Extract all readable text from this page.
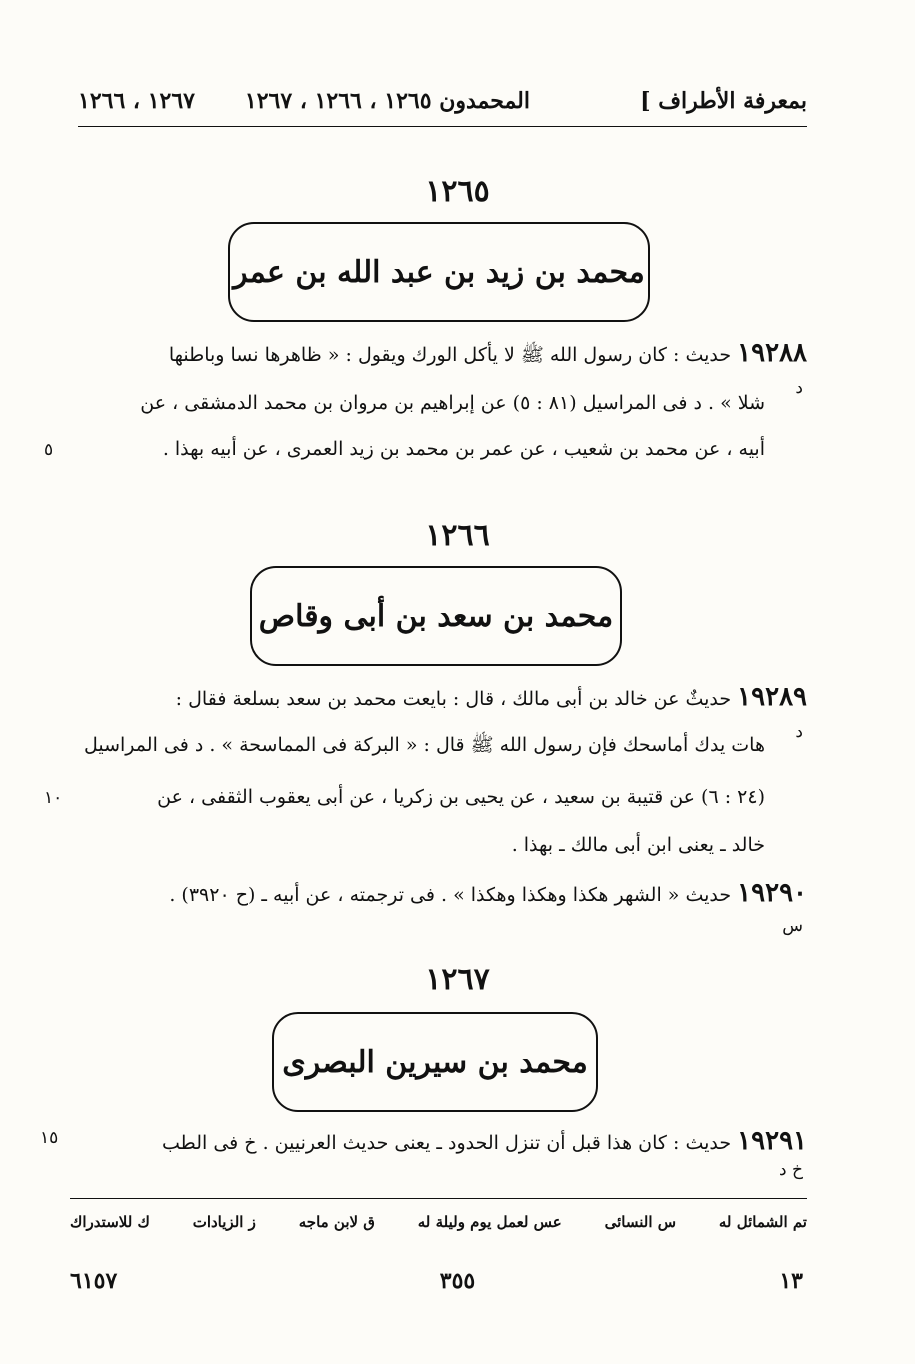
بمعرفة الأطراف ]
المحمدون ١٢٦٥ ، ١٢٦٦ ، ١٢٦٧
١٢٦٧ ، ١٢٦٦
١٢٦٥
محمد بن زيد بن عبد الله بن عمر
١٩٢٨٨ حديث : كان رسول الله ﷺ لا يأكل الورك ويقول : « ظاهرها نسا وباطنها
د
شلا » . د فى المراسيل (٨١ : ٥) عن إبراهيم بن مروان بن محمد الدمشقى ، عن
أبيه ، عن محمد بن شعيب ، عن عمر بن محمد بن زيد العمرى ، عن أبيه بهذا .
٥
١٢٦٦
محمد بن سعد بن أبى وقاص
١٩٢٨٩ حديثٌ عن خالد بن أبى مالك ، قال : بايعت محمد بن سعد بسلعة فقال :
د
هات يدك أماسحك فإن رسول الله ﷺ قال : « البركة فى المماسحة » . د فى المراسيل
(٢٤ : ٦) عن قتيبة بن سعيد ، عن يحيى بن زكريا ، عن أبى يعقوب الثقفى ، عن
١٠
خالد ـ يعنى ابن أبى مالك ـ بهذا .
١٩٢٩٠ حديث « الشهر هكذا وهكذا وهكذا » . فى ترجمته ، عن أبيه ـ (ح ٣٩٢٠) .
س
١٢٦٧
محمد بن سيرين البصرى
١٩٢٩١ حديث : كان هذا قبل أن تنزل الحدود ـ يعنى حديث العرنيين . خ فى الطب
١٥
خ د
تم الشمائل له
س النسائى
عس لعمل يوم وليلة له
ق لابن ماجه
ز الزيادات
ك للاستدراك
١٣
٣٥٥
٦١٥٧
